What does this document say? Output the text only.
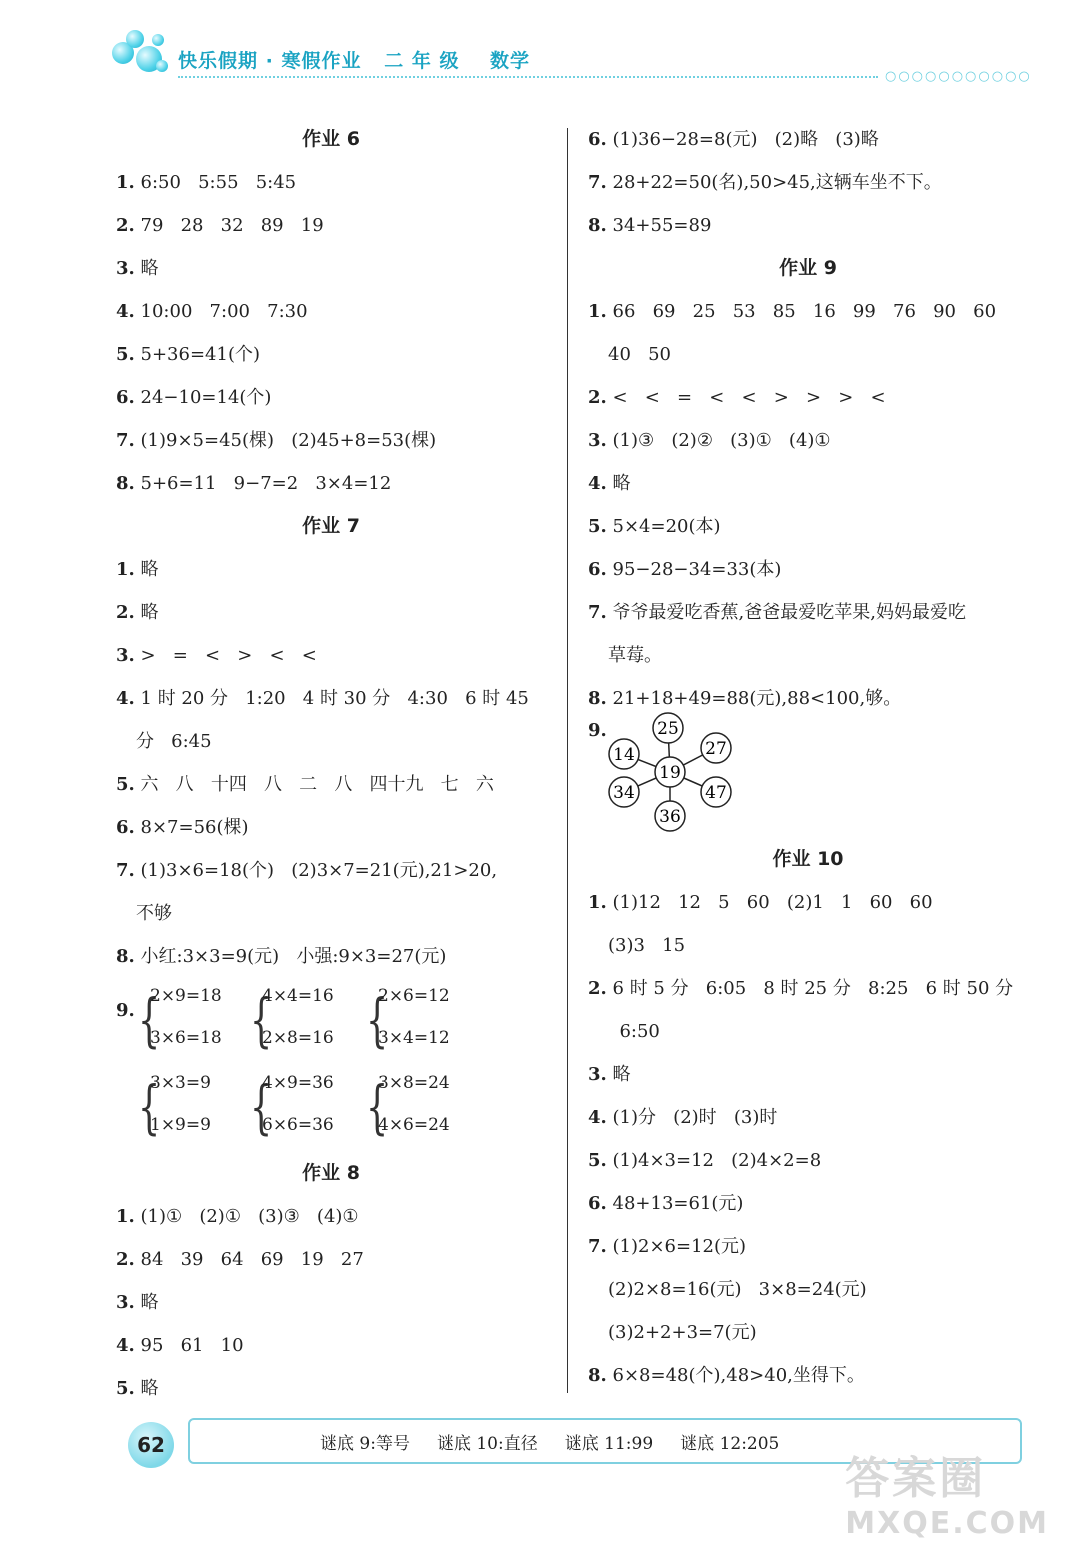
快乐假期 · 寒假作业   二 年 级    数学
○○○○○○○○○○○
作业 6
1. 6:50   5:55   5:45
2. 79   28   32   89   19
3. 略
4. 10:00   7:00   7:30
5. 5+36=41(个)
6. 24−10=14(个)
7. (1)9×5=45(棵)   (2)45+8=53(棵)
8. 5+6=11   9−7=2   3×4=12
作业 7
1. 略
2. 略
3. >   =   <   >   <   <
4. 1 时 20 分   1:20   4 时 30 分   4:30   6 时 45
分   6:45
5. 六   八   十四   八   二   八   四十九   七   六
6. 8×7=56(棵)
7. (1)3×6=18(个)   (2)3×7=21(元),21>20,
不够
8. 小红:3×3=9(元)   小强:9×3=27(元)
9. {
2×9=18
3×6=18 {
4×4=16
2×8=16 {
2×6=12
3×4=12
{
3×3=9
1×9=9 {
4×9=36
6×6=36 {
3×8=24
4×6=24
作业 8
1. (1)①   (2)①   (3)③   (4)①
2. 84   39   64   69   19   27
3. 略
4. 95   61   10
5. 略
6. (1)36−28=8(元)   (2)略   (3)略
7. 28+22=50(名),50>45,这辆车坐不下。
8. 34+55=89
作业 9
1. 66   69   25   53   85   16   99   76   90   60
40   50
2. <   <   =   <   <   >   >   >   <
3. (1)③   (2)②   (3)①   (4)①
4. 略
5. 5×4=20(本)
6. 95−28−34=33(本)
7. 爷爷最爱吃香蕉,爸爸最爱吃苹果,妈妈最爱吃
草莓。
8. 21+18+49=88(元),88<100,够。
9.
19
25
27
47
36
34
14
作业 10
1. (1)12   12   5   60   (2)1   1   60   60
(3)3   15
2. 6 时 5 分   6:05   8 时 25 分   8:25   6 时 50 分
6:50
3. 略
4. (1)分   (2)时   (3)时
5. (1)4×3=12   (2)4×2=8
6. 48+13=61(元)
7. (1)2×6=12(元)
(2)2×8=16(元)   3×8=24(元)
(3)2+2+3=7(元)
8. 6×8=48(个),48>40,坐得下。
62	谜底 9:等号     谜底 10:直径     谜底 11:99     谜底 12:205
答案圈
MXQE.COM
